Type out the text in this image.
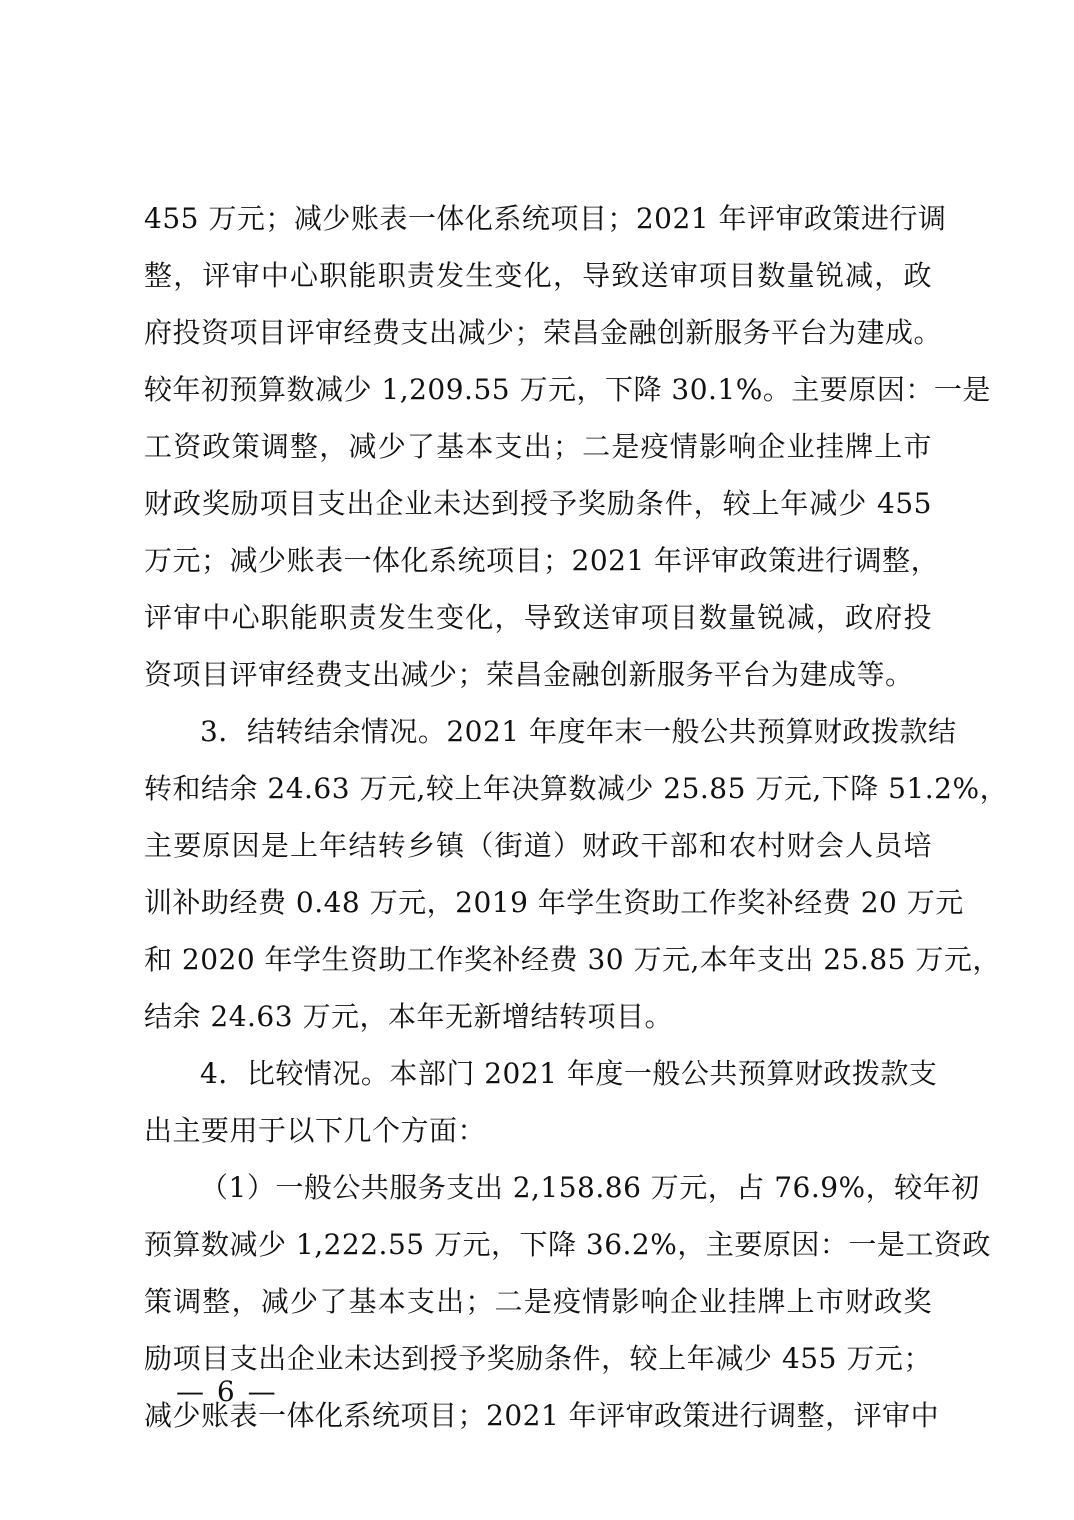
455 万元；减少账表一体化系统项目；2021 年评审政策进行调
整，评审中心职能职责发生变化，导致送审项目数量锐减，政
府投资项目评审经费支出减少；荣昌金融创新服务平台为建成。
较年初预算数减少 1,209.55 万元，下降 30.1%。主要原因：一是
工资政策调整，减少了基本支出；二是疫情影响企业挂牌上市
财政奖励项目支出企业未达到授予奖励条件，较上年减少 455
万元；减少账表一体化系统项目；2021 年评审政策进行调整，
评审中心职能职责发生变化，导致送审项目数量锐减，政府投
资项目评审经费支出减少；荣昌金融创新服务平台为建成等。
3．结转结余情况。2021 年度年末一般公共预算财政拨款结
转和结余 24.63 万元,较上年决算数减少 25.85 万元,下降 51.2%，
主要原因是上年结转乡镇（街道）财政干部和农村财会人员培
训补助经费 0.48 万元，2019 年学生资助工作奖补经费 20 万元
和 2020 年学生资助工作奖补经费 30 万元,本年支出 25.85 万元，
结余 24.63 万元，本年无新增结转项目。
4．比较情况。本部门 2021 年度一般公共预算财政拨款支
出主要用于以下几个方面：
（1）一般公共服务支出 2,158.86 万元，占 76.9%，较年初
预算数减少 1,222.55 万元，下降 36.2%，主要原因：一是工资政
策调整，减少了基本支出；二是疫情影响企业挂牌上市财政奖
励项目支出企业未达到授予奖励条件，较上年减少 455 万元；
减少账表一体化系统项目；2021 年评审政策进行调整，评审中
— 6 —
